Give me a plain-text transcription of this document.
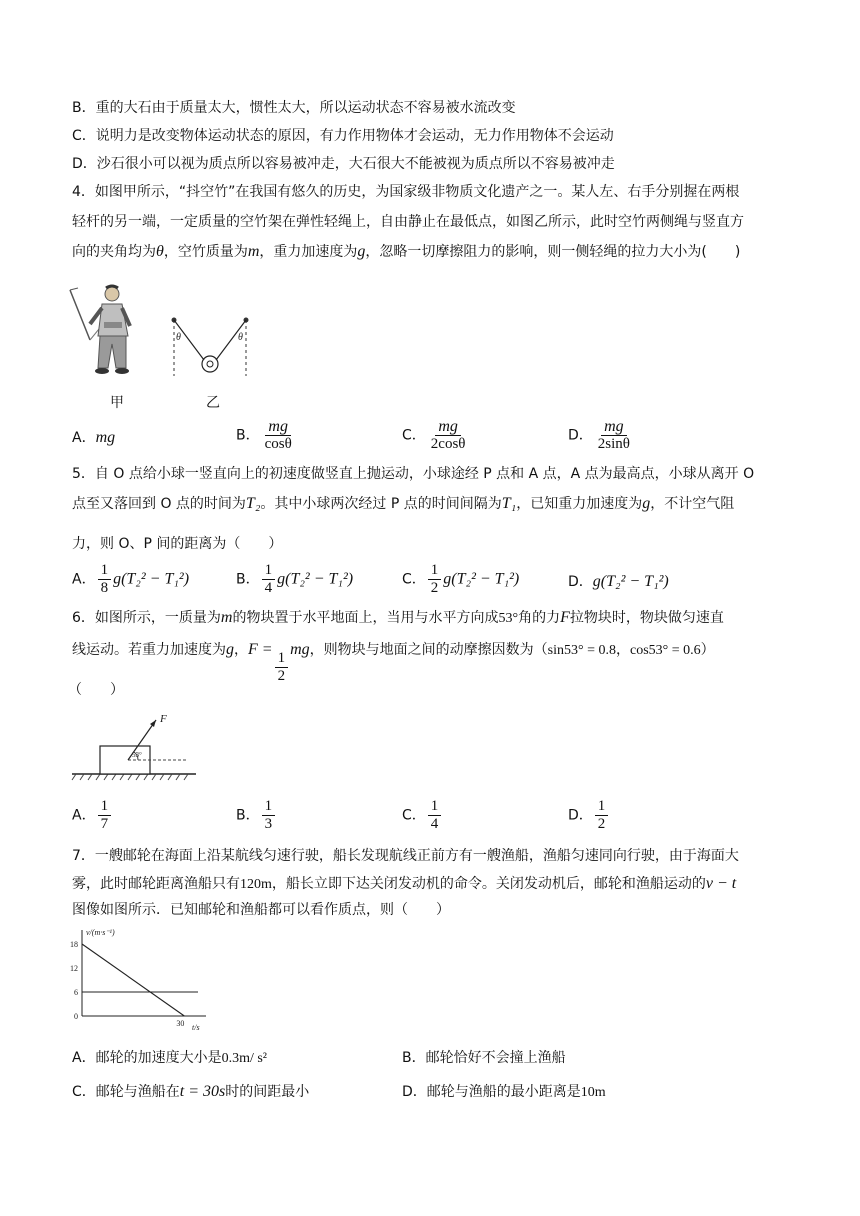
B．重的大石由于质量太大，惯性太大，所以运动状态不容易被水流改变
C．说明力是改变物体运动状态的原因，有力作用物体才会运动，无力作用物体不会运动
D．沙石很小可以视为质点所以容易被冲走，大石很大不能被视为质点所以不容易被冲走
4．如图甲所示，“抖空竹”在我国有悠久的历史，为国家级非物质文化遗产之一。某人左、右手分别握在两根
轻杆的另一端，一定质量的空竹架在弹性轻绳上，自由静止在最低点，如图乙所示，此时空竹两侧绳与竖直方
向的夹角均为θ，空竹质量为m，重力加速度为g，忽略一切摩擦阻力的影响，则一侧轻绳的拉力大小为(　　)
甲
θ	θ
乙
A．mg	B． $\frac{mg}{\cos\theta}$	C． $\frac{mg}{2\cos\theta}$	D． $\frac{mg}{2\sin\theta}$
5．自 O 点给小球一竖直向上的初速度做竖直上抛运动，小球途经 P 点和 A 点，A 点为最高点，小球从离开 O
点至又落回到 O 点的时间为T₂。其中小球两次经过 P 点的时间间隔为T₁，已知重力加速度为g，不计空气阻
力，则 O、P 间的距离为（　　）
A． $\frac{1}{8} g(T_2^2 - T_1^2)$	B． $\frac{1}{4} g(T_2^2 - T_1^2)$	C． $\frac{1}{2} g(T_2^2 - T_1^2)$	D．g(T₂² − T₁²)
6．如图所示，一质量为m的物块置于水平地面上，当用与水平方向成53°角的力F拉物块时，物块做匀速直
线运动。若重力加速度为g，F =
$\frac{1}{2}$
mg，则物块与地面之间的动摩擦因数为（sin53° = 0.8，cos53° = 0.6）
（　　）
F
53°
A． $\frac{1}{7}$	B． $\frac{1}{3}$	C． $\frac{1}{4}$	D． $\frac{1}{2}$
7．一艘邮轮在海面上沿某航线匀速行驶，船长发现航线正前方有一艘渔船，渔船匀速同向行驶，由于海面大
雾，此时邮轮距离渔船只有120m，船长立即下达关闭发动机的命令。关闭发动机后，邮轮和渔船运动的v − t
图像如图所示．已知邮轮和渔船都可以看作质点，则（　　）
v/(m·s⁻¹)
t/s
18
12
6
0
30
A．邮轮的加速度大小是0.3m/ s²	B．邮轮恰好不会撞上渔船
C．邮轮与渔船在t = 30s时的间距最小	D．邮轮与渔船的最小距离是10m
